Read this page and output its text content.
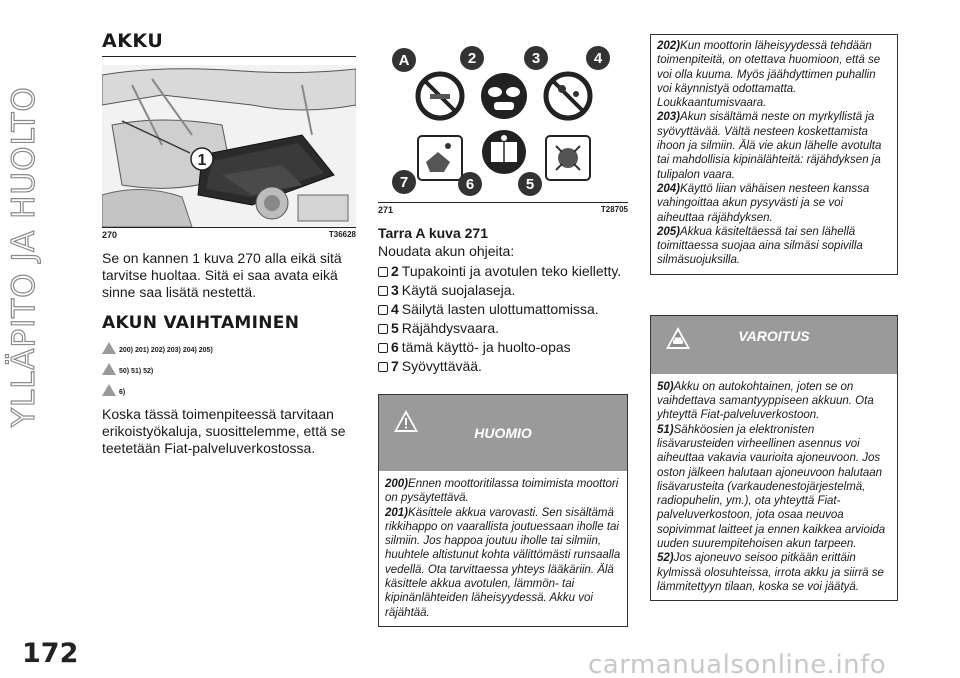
YLLÄPITO JA HUOLTO
172	carmanualsonline.info
AKKU
1
270	T36628

Se on kannen 1 kuva 270 alla eikä sitä tarvitse huoltaa. Sitä ei saa avata eikä sinne saa lisätä nestettä.

AKUN VAIHTAMINEN
200) 201) 202) 203) 204) 205)
50) 51) 52)
6)

Koska tässä toimenpiteessä tarvitaan erikoistyökaluja, suosittelemme, että se teetetään Fiat-palveluverkostossa.

A	2	3	4
7	6	5
271	T28705
Tarra A kuva 271
Noudata akun ohjeita:
2 Tupakointi ja avotulen teko kielletty.
3 Käytä suojalaseja.
4 Säilytä lasten ulottumattomissa.
5 Räjähdysvaara.
6 tämä käyttö- ja huolto-opas
7 Syövyttävää.
HUOMIO

200)Ennen moottoritilassa toimimista moottori on pysäytettävä.

201)Käsittele akkua varovasti. Sen sisältämä rikkihappo on vaarallista joutuessaan iholle tai silmiin. Jos happoa joutuu iholle tai silmiin, huuhtele altistunut kohta välittömästi runsaalla vedellä. Ota tarvittaessa yhteys lääkäriin. Älä käsittele akkua avotulen, lämmön- tai kipinänlähteiden läheisyydessä. Akku voi räjähtää.

202)Kun moottorin läheisyydessä tehdään toimenpiteitä, on otettava huomioon, että se voi olla kuuma. Myös jäähdyttimen puhallin voi käynnistyä odottamatta. Loukkaantumisvaara.

203)Akun sisältämä neste on myrkyllistä ja syövyttävää. Vältä nesteen koskettamista ihoon ja silmiin. Älä vie akun lähelle avotulta tai mahdollisia kipinälähteitä: räjähdyksen ja tulipalon vaara.

204)Käyttö liian vähäisen nesteen kanssa vahingoittaa akun pysyvästi ja se voi aiheuttaa räjähdyksen.

205)Akkua käsiteltäessä tai sen lähellä toimittaessa suojaa aina silmäsi sopivilla silmäsuojuksilla.

VAROITUS

50)Akku on autokohtainen, joten se on vaihdettava samantyyppiseen akkuun. Ota yhteyttä Fiat-palveluverkostoon.

51)Sähköosien ja elektronisten lisävarusteiden virheellinen asennus voi aiheuttaa vakavia vaurioita ajoneuvoon. Jos oston jälkeen halutaan ajoneuvoon halutaan lisävarusteita (varkaudenestojärjestelmä, radiopuhelin, ym.), ota yhteyttä Fiat-palveluverkostoon, jota osaa neuvoa sopivimmat laitteet ja ennen kaikkea arvioida uuden suurempitehoisen akun tarpeen.

52)Jos ajoneuvo seisoo pitkään erittäin kylmissä olosuhteissa, irrota akku ja siirrä se lämmitettyyn tilaan, koska se voi jäätyä.
